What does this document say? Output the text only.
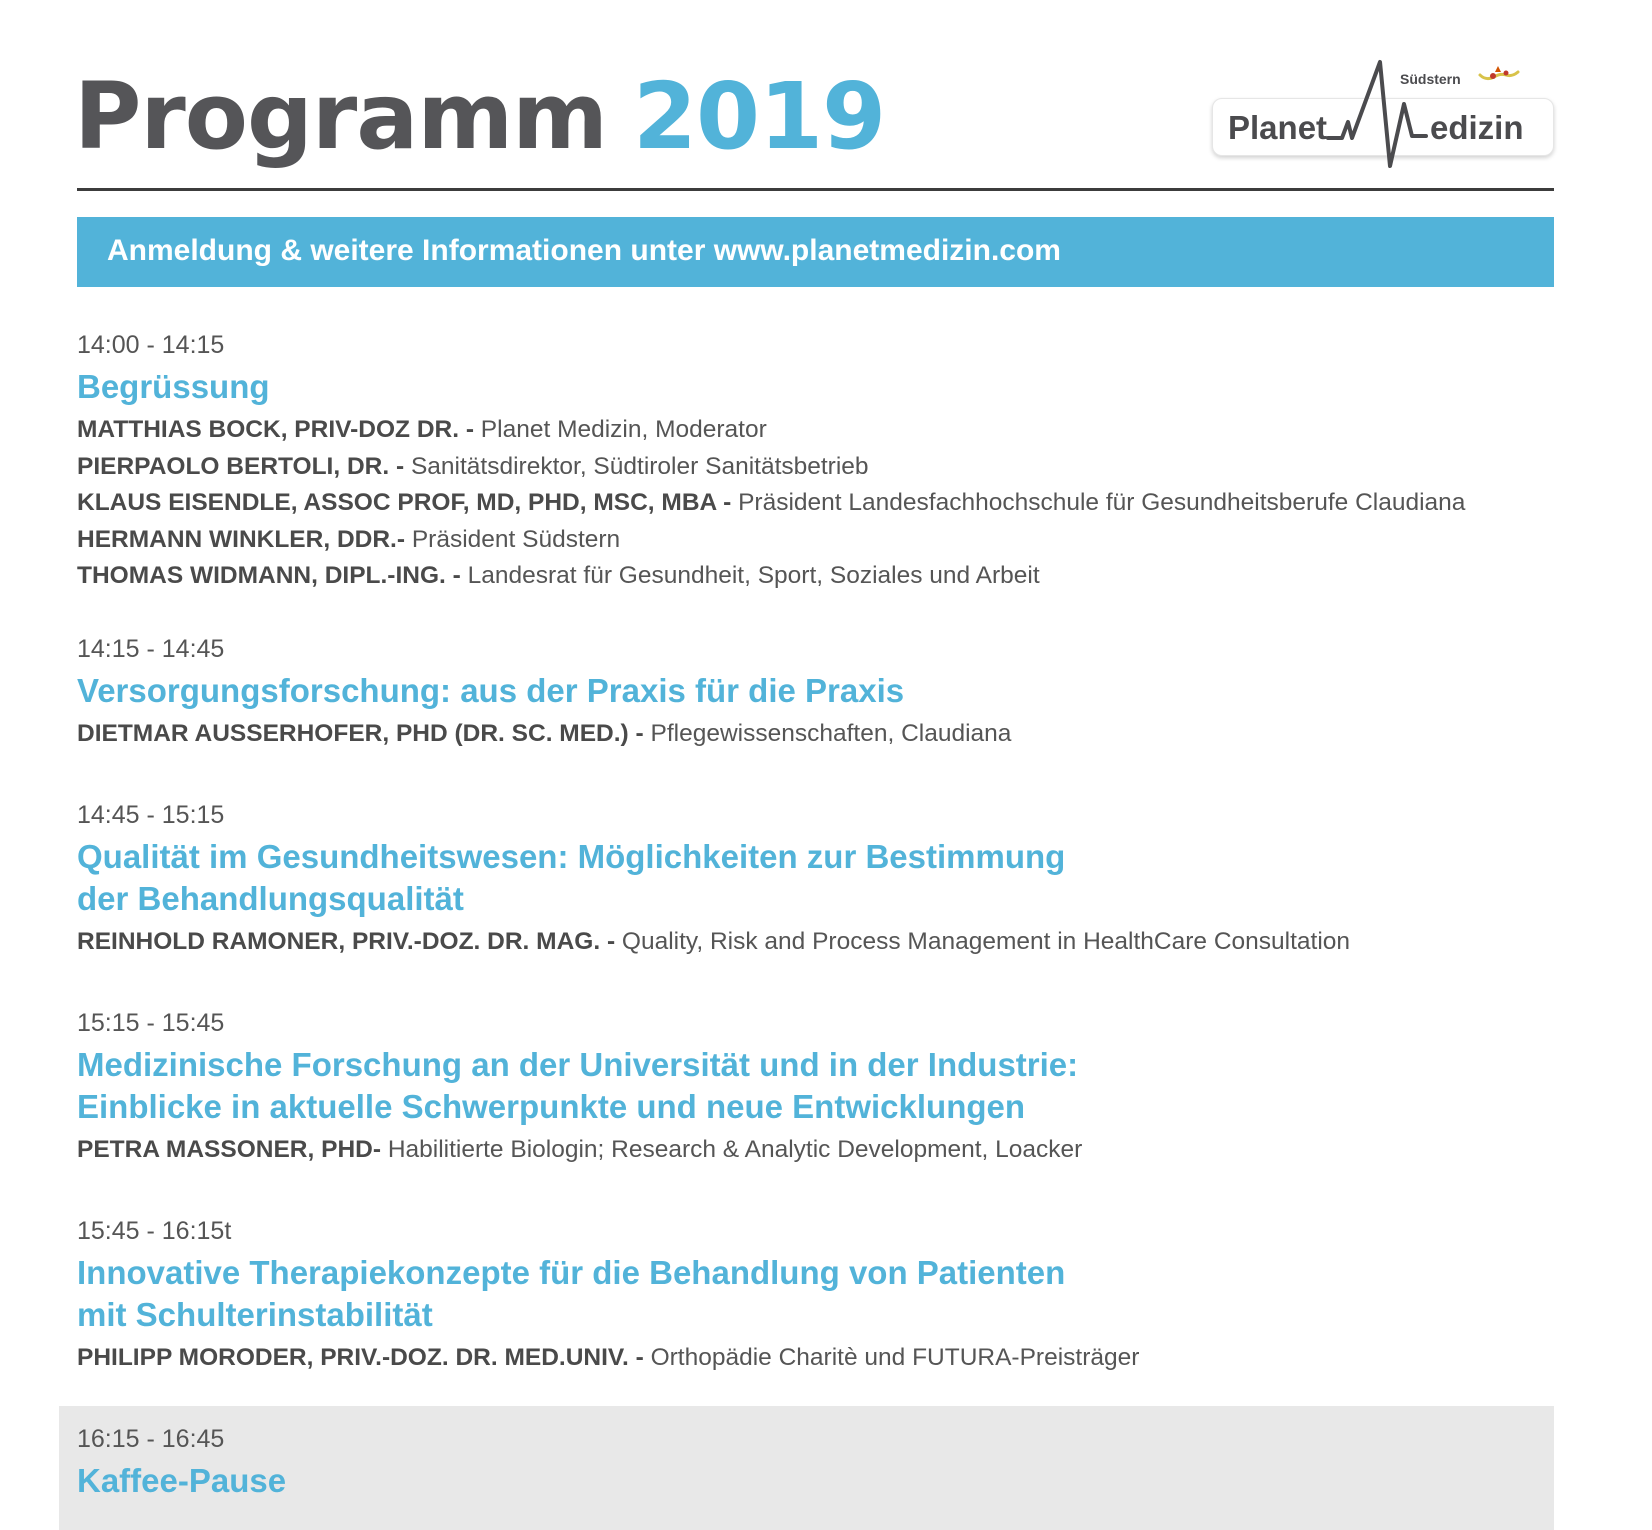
Programm 2019	Südstern
Planet	edizin
Anmeldung & weitere Informationen unter www.planetmedizin.com
14:00 - 14:15
Begrüssung
MATTHIAS BOCK, PRIV-DOZ DR. - Planet Medizin, Moderator
PIERPAOLO BERTOLI, DR. - Sanitätsdirektor, Südtiroler Sanitätsbetrieb
KLAUS EISENDLE, ASSOC PROF, MD, PHD, MSC, MBA - Präsident Landesfachhochschule für Gesundheitsberufe Claudiana
HERMANN WINKLER, DDR.- Präsident Südstern
THOMAS WIDMANN, DIPL.-ING. - Landesrat für Gesundheit, Sport, Soziales und Arbeit
14:15 - 14:45
Versorgungsforschung: aus der Praxis für die Praxis
DIETMAR AUSSERHOFER, PHD (DR. SC. MED.) - Pflegewissenschaften, Claudiana
14:45 - 15:15
Qualität im Gesundheitswesen: Möglichkeiten zur Bestimmung
der Behandlungsqualität
REINHOLD RAMONER, PRIV.-DOZ. DR. MAG. - Quality, Risk and Process Management in HealthCare Consultation
15:15 - 15:45
Medizinische Forschung an der Universität und in der Industrie:
Einblicke in aktuelle Schwerpunkte und neue Entwicklungen
PETRA MASSONER, PHD- Habilitierte Biologin; Research & Analytic Development, Loacker
15:45 - 16:15t
Innovative Therapiekonzepte für die Behandlung von Patienten
mit Schulterinstabilität
PHILIPP MORODER, PRIV.-DOZ. DR. MED.UNIV. - Orthopädie Charitè und FUTURA-Preisträger
16:15 - 16:45
Kaffee-Pause
